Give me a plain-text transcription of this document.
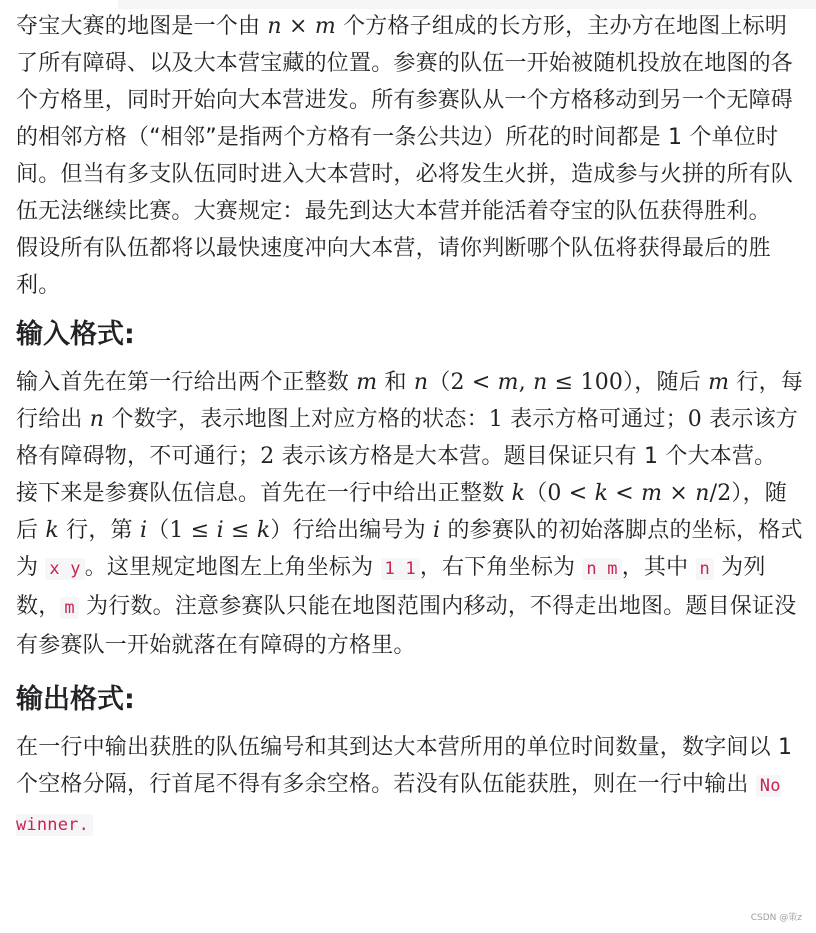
夺宝大赛的地图是一个由 n × m 个方格子组成的长方形，主办方在地图上标明了所有障碍、以及大本营宝藏的位置。参赛的队伍一开始被随机投放在地图的各个方格里，同时开始向大本营进发。所有参赛队从一个方格移动到另一个无障碍的相邻方格（“相邻”是指两个方格有一条公共边）所花的时间都是 1 个单位时间。但当有多支队伍同时进入大本营时，必将发生火拼，造成参与火拼的所有队伍无法继续比赛。大赛规定：最先到达大本营并能活着夺宝的队伍获得胜利。

假设所有队伍都将以最快速度冲向大本营，请你判断哪个队伍将获得最后的胜利。

输入格式:

输入首先在第一行给出两个正整数 m 和 n（2 < m, n ≤ 100），随后 m 行，每行给出 n 个数字，表示地图上对应方格的状态：1 表示方格可通过；0 表示该方格有障碍物，不可通行；2 表示该方格是大本营。题目保证只有 1 个大本营。

接下来是参赛队伍信息。首先在一行中给出正整数 k（0 < k < m × n/2），随后 k 行，第 i（1 ≤ i ≤ k）行给出编号为 i 的参赛队的初始落脚点的坐标，格式为 x y 。这里规定地图左上角坐标为 1 1 ，右下角坐标为 n m ，其中 n 为列数， m 为行数。注意参赛队只能在地图范围内移动，不得走出地图。题目保证没有参赛队一开始就落在有障碍的方格里。

输出格式:

在一行中输出获胜的队伍编号和其到达大本营所用的单位时间数量，数字间以 1 个空格分隔，行首尾不得有多余空格。若没有队伍能获胜，则在一行中输出 No winner.

CSDN @策z
